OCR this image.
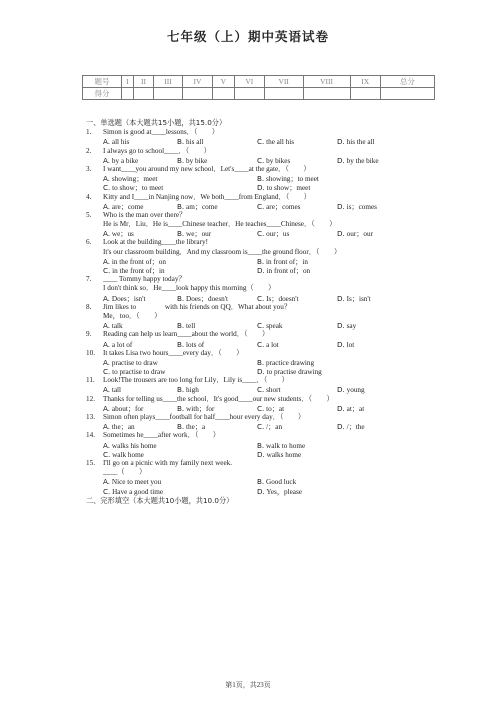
七年级（上）期中英语试卷
题号	I	II	III	IV	V	VI	VII	VIII	IX	总分
得分										
一、单选题（本大题共15小题，共15.0分）
1. Simon is good at____lessons．（　　）
A. all his	B. his all	C. the all his	D. his the all
2. I always go to school____．（　　）
A. by a bike	B. by bike	C. by bikes	D. by the bike
3. I want____you around my new school．Let's____at the gate．（　　）
A. showing；meet	B. showing；to meet
C. to show；to meet	D. to show；meet
4. Kitty and I____in Nanjing now．We both____from England．（　　）
A. are；come	B. am；come	C. are；comes	D. is；comes
5. Who is the man over there？
He is Mr．Liu．He is____Chinese teacher．He teaches____Chinese．（　　）
A. we；us	B. we；our	C. our；us	D. our；our
6. Look at the building____the library!
It's our classroom building．And my classroom is____the ground floor．（　　）
A. in the front of；on	B. in front of；in
C. in the front of；in	D. in front of；on
7. ____ Tommy happy today？
I don't think so．He____look happy this morning（　　）
A. Does；isn't	B. Does；doesn't	C. Is；doesn't	D. Is；isn't
8. Jim likes to　　　　with his friends on QQ．What about you？
Me，too．（　　）
A. talk	B. tell	C. speak	D. say
9. Reading can help us learn____about the world．（　　）
A. a lot of	B. lots of	C. a lot	D. lot
10. It takes Lisa two hours____every day．（　　）
A. practise to draw	B. practice drawing
C. to practise to draw	D. to practise drawing
11. Look!The trousers are too long for Lily．Lily is____．（　　）
A. tall	B. high	C. short	D. young
12. Thanks for telling us____the school．It's good____our new students．（　　）
A. about；for	B. with；for	C. to；at	D. at；at
13. Simon often plays____football for half____hour every day．（　　）
A. the；an	B. the；a	C. /；an	D. /；the
14. Sometimes he____after work．（　　）
A. walks his home	B. walk to home
C. walk home	D. walks home
15. I'll go on a picnic with my family next week.
____（　　）
A. Nice to meet you	B. Good luck
C. Have a good time	D. Yes，please
二、完形填空（本大题共10小题，共10.0分）
第1页，共23页
